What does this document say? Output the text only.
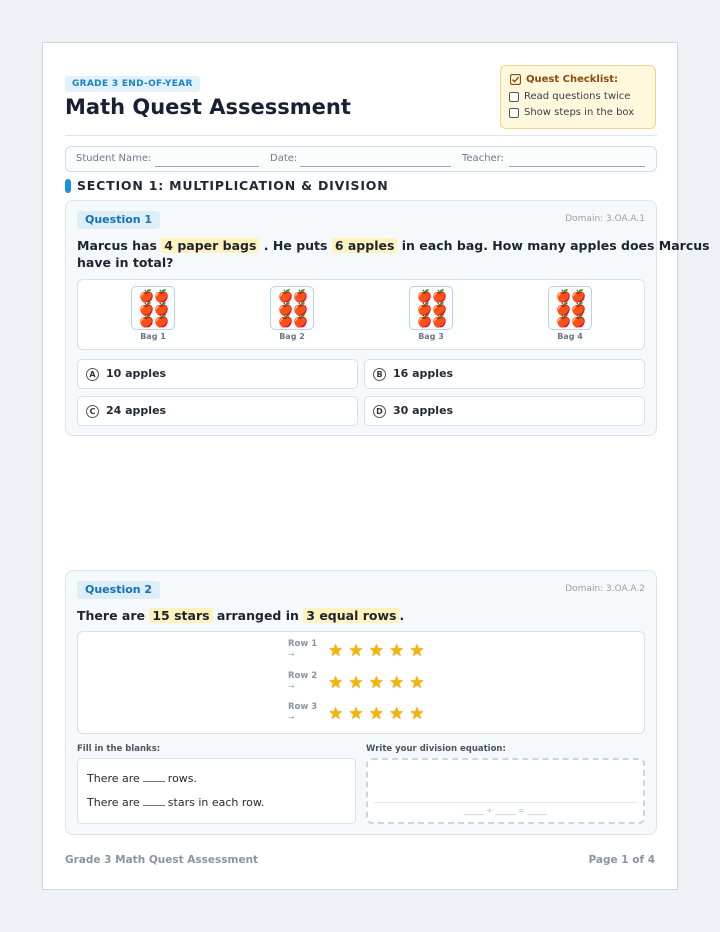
GRADE 3 END-OF-YEAR
Math Quest Assessment
Quest Checklist:
Read questions twice
Show steps in the box
Student Name:	Date:	Teacher:
SECTION 1: MULTIPLICATION & DIVISION
Question 1	Domain: 3.OA.A.1
Marcus has 4 paper bags . He puts 6 apples in each bag. How many apples does Marcus
have in total?
🍎🍎
🍎🍎
🍎🍎
Bag 1
🍎🍎
🍎🍎
🍎🍎
Bag 2
🍎🍎
🍎🍎
🍎🍎
Bag 3
🍎🍎
🍎🍎
🍎🍎
Bag 4
A 10 apples	B 16 apples
C 24 apples	D 30 apples
Question 2	Domain: 3.OA.A.2
There are 15 stars arranged in 3 equal rows .
Row 1
→ ★ ★ ★ ★ ★
Row 2
→ ★ ★ ★ ★ ★
Row 3
→ ★ ★ ★ ★ ★
Fill in the blanks:	Write your division equation:
There are	rows.
There are	stars in each row.
_____ ÷ _____ = _____
Grade 3 Math Quest Assessment	Page 1 of 4
